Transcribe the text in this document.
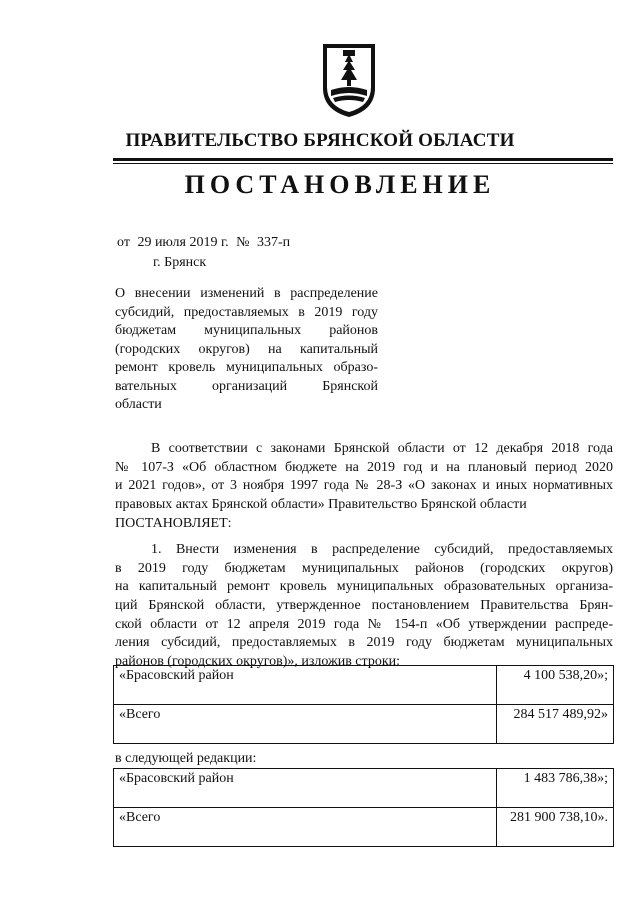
ПРАВИТЕЛЬСТВО БРЯНСКОЙ ОБЛАСТИ
ПОСТАНОВЛЕНИЕ
от 29 июля 2019 г. № 337-п
г. Брянск
О внесении изменений в распределение
субсидий, предоставляемых в 2019 году
бюджетам муниципальных районов
(городских округов) на капитальный
ремонт кровель муниципальных образо-
вательных организаций Брянской
области
В соответствии с законами Брянской области от 12 декабря 2018 года
№ 107-З «Об областном бюджете на 2019 год и на плановый период 2020
и 2021 годов», от 3 ноября 1997 года № 28-З «О законах и иных нормативных
правовых актах Брянской области» Правительство Брянской области
ПОСТАНОВЛЯЕТ:
1. Внести изменения в распределение субсидий, предоставляемых
в 2019 году бюджетам муниципальных районов (городских округов)
на капитальный ремонт кровель муниципальных образовательных организа-
ций Брянской области, утвержденное постановлением Правительства Брян-
ской области от 12 апреля 2019 года № 154-п «Об утверждении распреде-
ления субсидий, предоставляемых в 2019 году бюджетам муниципальных
районов (городских округов)», изложив строки:
«Брасовский район	4 100 538,20»;
«Всего	284 517 489,92»
в следующей редакции:
«Брасовский район	1 483 786,38»;
«Всего	281 900 738,10».
